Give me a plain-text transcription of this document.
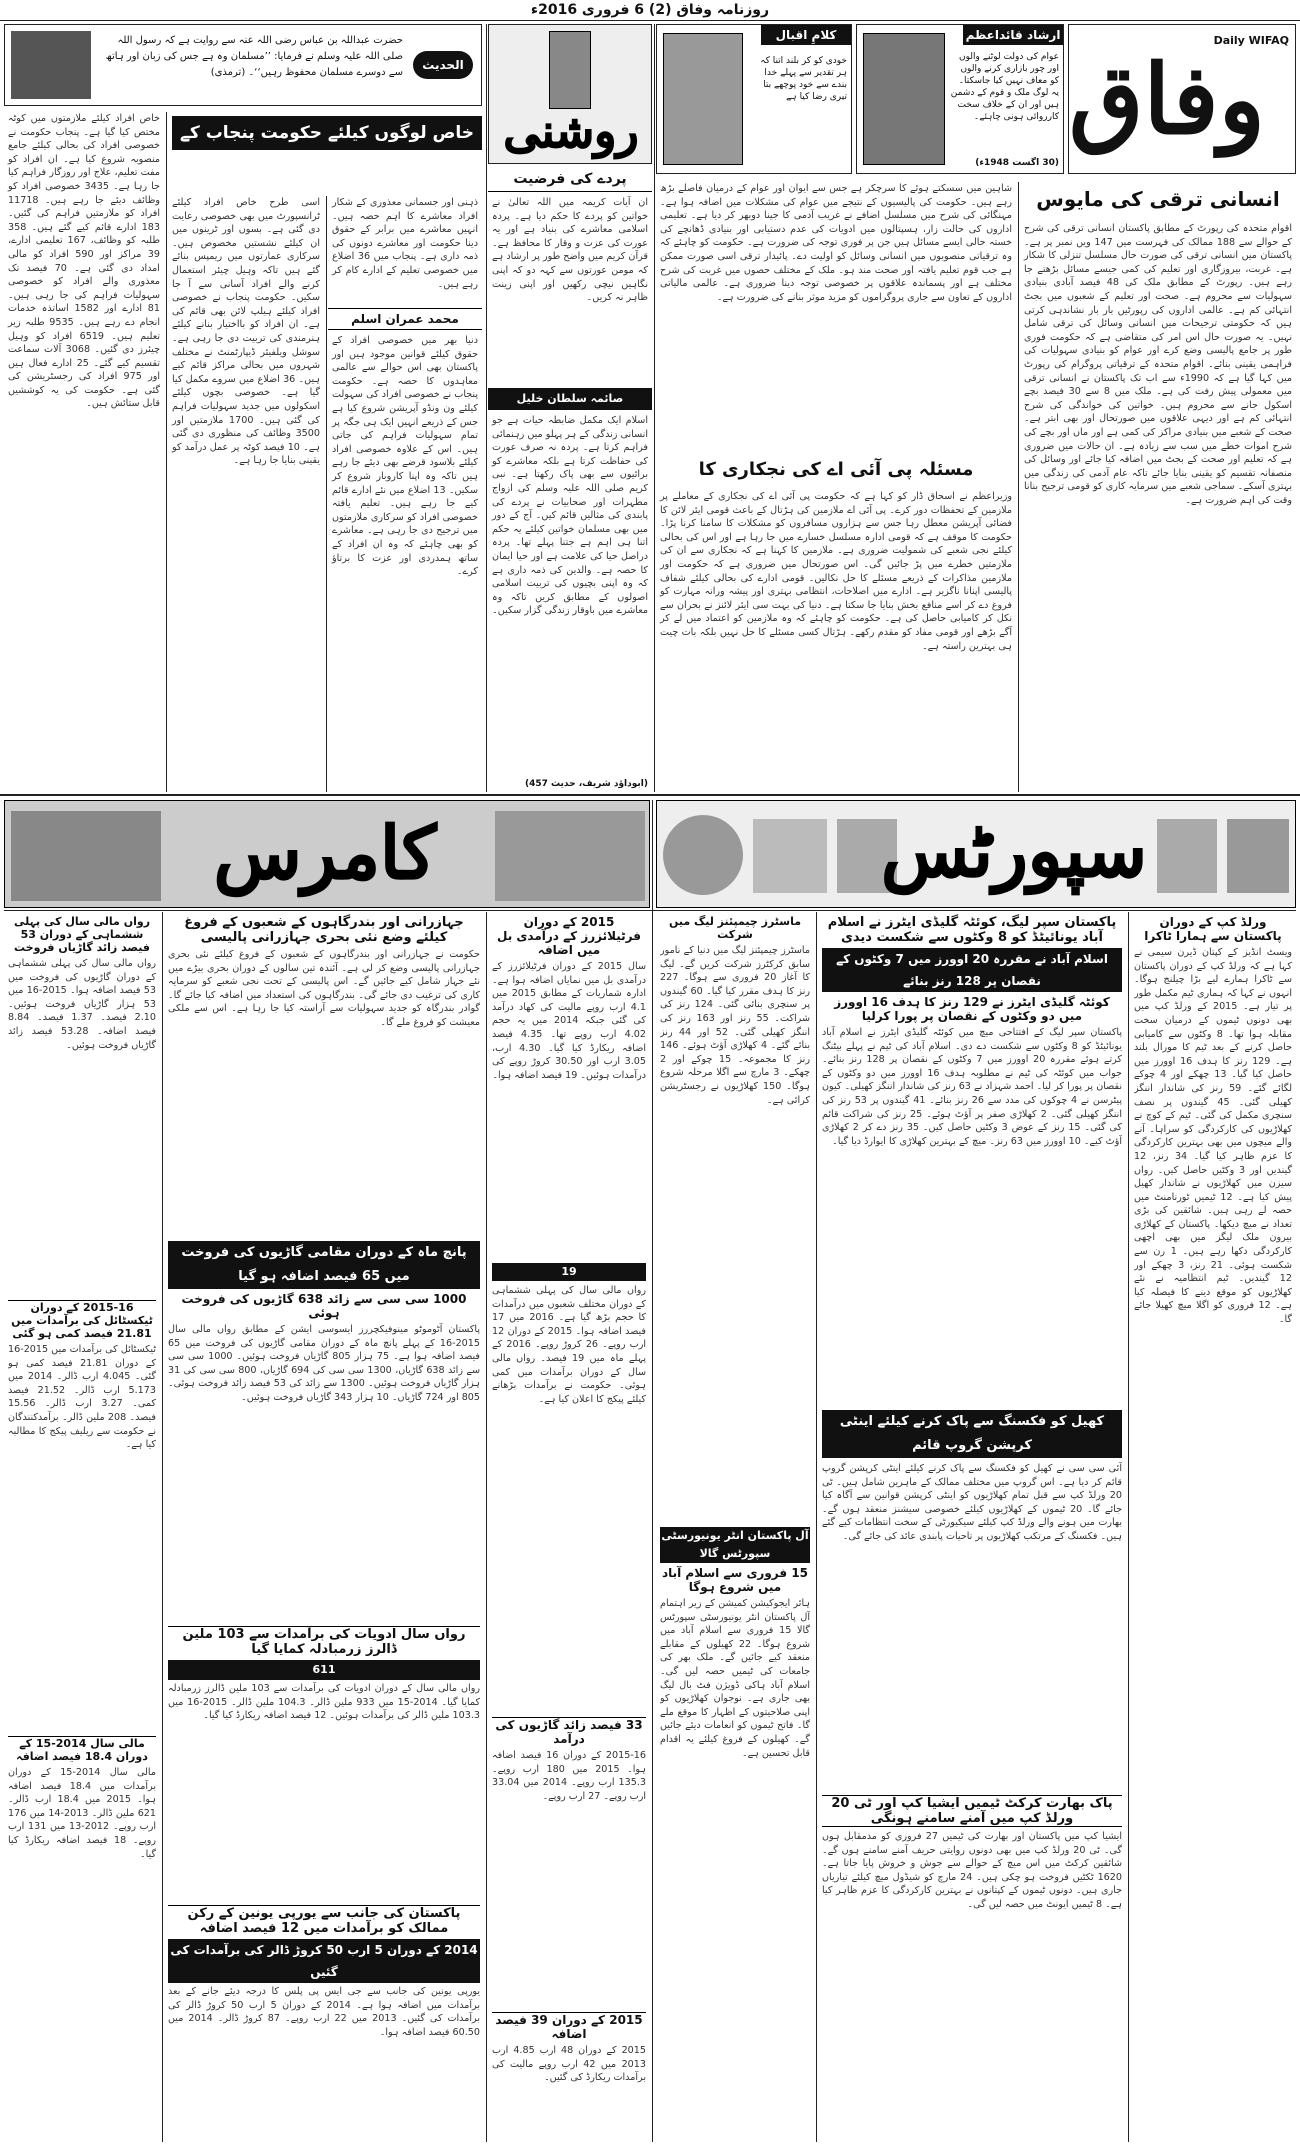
روزنامہ وفاق (2) 6 فروری 2016ء
وفاق
Daily WIFAQ
ارشاد قائداعظم
عوام کی دولت لوٹنے والوں اور چور بازاری کرنے والوں کو معاف نہیں کیا جاسکتا۔ یہ لوگ ملک و قوم کے دشمن ہیں اور ان کے خلاف سخت کارروائی ہونی چاہئے۔
(30 اگست 1948ء)
کلامِ اقبال
خودی کو کر بلند اتنا کہ ہر تقدیر سے پہلے خدا بندے سے خود پوچھے بتا تیری رضا کیا ہے
روشنی
الحدیث
حضرت عبداللہ بن عباس رضی اللہ عنہ سے روایت ہے کہ رسول اللہ صلی اللہ علیہ وسلم نے فرمایا: ’’مسلمان وہ ہے جس کی زبان اور ہاتھ سے دوسرے مسلمان محفوظ رہیں‘‘۔ (ترمذی)
انسانی ترقی کی مایوس
اقوام متحدہ کی رپورٹ کے مطابق پاکستان انسانی ترقی کی شرح کے حوالے سے 188 ممالک کی فہرست میں 147 ویں نمبر پر ہے۔ پاکستان میں انسانی ترقی کی صورت حال مسلسل تنزلی کا شکار ہے۔ غربت، بیروزگاری اور تعلیم کی کمی جیسے مسائل بڑھتے جا رہے ہیں۔ رپورٹ کے مطابق ملک کی 48 فیصد آبادی بنیادی سہولیات سے محروم ہے۔ صحت اور تعلیم کے شعبوں میں بجٹ انتہائی کم ہے۔ عالمی اداروں کی رپورٹیں بار بار نشاندہی کرتی ہیں کہ حکومتی ترجیحات میں انسانی وسائل کی ترقی شامل نہیں۔ یہ صورت حال اس امر کی متقاضی ہے کہ حکومت فوری طور پر جامع پالیسی وضع کرے اور عوام کو بنیادی سہولیات کی فراہمی یقینی بنائے۔ اقوام متحدہ کے ترقیاتی پروگرام کی رپورٹ میں کہا گیا ہے کہ 1990ء سے اب تک پاکستان نے انسانی ترقی میں معمولی پیش رفت کی ہے۔ ملک میں 8 سے 30 فیصد بچے اسکول جانے سے محروم ہیں۔ خواتین کی خواندگی کی شرح انتہائی کم ہے اور دیہی علاقوں میں صورتحال اور بھی ابتر ہے۔ صحت کے شعبے میں بنیادی مراکز کی کمی ہے اور ماں اور بچے کی شرح اموات خطے میں سب سے زیادہ ہے۔ ان حالات میں ضروری ہے کہ تعلیم اور صحت کے بجٹ میں اضافہ کیا جائے اور وسائل کی منصفانہ تقسیم کو یقینی بنایا جائے تاکہ عام آدمی کی زندگی میں بہتری آسکے۔ سماجی شعبے میں سرمایہ کاری کو قومی ترجیح بنانا وقت کی اہم ضرورت ہے۔
شاہین میں سسکتے ہوئے کا سرچکر ہے جس سے ایوان اور عوام کے درمیان فاصلے بڑھ رہے ہیں۔ حکومت کی پالیسیوں کے نتیجے میں عوام کی مشکلات میں اضافہ ہوا ہے۔ مہنگائی کی شرح میں مسلسل اضافے نے غریب آدمی کا جینا دوبھر کر دیا ہے۔ تعلیمی اداروں کی حالت زار، ہسپتالوں میں ادویات کی عدم دستیابی اور بنیادی ڈھانچے کی خستہ حالی ایسے مسائل ہیں جن پر فوری توجہ کی ضرورت ہے۔ حکومت کو چاہئے کہ وہ ترقیاتی منصوبوں میں انسانی وسائل کو اولیت دے۔ پائیدار ترقی اسی صورت ممکن ہے جب قوم تعلیم یافتہ اور صحت مند ہو۔ ملک کے مختلف حصوں میں غربت کی شرح مختلف ہے اور پسماندہ علاقوں پر خصوصی توجہ دینا ضروری ہے۔ عالمی مالیاتی اداروں کے تعاون سے جاری پروگراموں کو مزید موثر بنانے کی ضرورت ہے۔
مسئلہ پی آئی اے کی نجکاری کا
وزیراعظم نے اسحاق ڈار کو کہا ہے کہ حکومت پی آئی اے کی نجکاری کے معاملے پر ملازمین کے تحفظات دور کرے۔ پی آئی اے ملازمین کی ہڑتال کے باعث قومی ایئر لائن کا فضائی آپریشن معطل رہا جس سے ہزاروں مسافروں کو مشکلات کا سامنا کرنا پڑا۔ حکومت کا موقف ہے کہ قومی ادارہ مسلسل خسارے میں جا رہا ہے اور اس کی بحالی کیلئے نجی شعبے کی شمولیت ضروری ہے۔ ملازمین کا کہنا ہے کہ نجکاری سے ان کی ملازمتیں خطرے میں پڑ جائیں گی۔ اس صورتحال میں ضروری ہے کہ حکومت اور ملازمین مذاکرات کے ذریعے مسئلے کا حل نکالیں۔ قومی ادارے کی بحالی کیلئے شفاف پالیسی اپنانا ناگزیر ہے۔ ادارے میں اصلاحات، انتظامی بہتری اور پیشہ ورانہ مہارت کو فروغ دے کر اسے منافع بخش بنایا جا سکتا ہے۔ دنیا کی بہت سی ایئر لائنز نے بحران سے نکل کر کامیابی حاصل کی ہے۔ حکومت کو چاہئے کہ وہ ملازمین کو اعتماد میں لے کر آگے بڑھے اور قومی مفاد کو مقدم رکھے۔ ہڑتال کسی مسئلے کا حل نہیں بلکہ بات چیت ہی بہترین راستہ ہے۔
پردے کی فرضیت
ان آیات کریمہ میں اللہ تعالیٰ نے خواتین کو پردے کا حکم دیا ہے۔ پردہ اسلامی معاشرے کی بنیاد ہے اور یہ عورت کی عزت و وقار کا محافظ ہے۔ قرآن کریم میں واضح طور پر ارشاد ہے کہ مومن عورتوں سے کہہ دو کہ اپنی نگاہیں نیچی رکھیں اور اپنی زینت ظاہر نہ کریں۔
صائمہ سلطان خلیل
اسلام ایک مکمل ضابطہ حیات ہے جو انسانی زندگی کے ہر پہلو میں رہنمائی فراہم کرتا ہے۔ پردہ نہ صرف عورت کی حفاظت کرتا ہے بلکہ معاشرے کو برائیوں سے بھی پاک رکھتا ہے۔ نبی کریم صلی اللہ علیہ وسلم کی ازواج مطہرات اور صحابیات نے پردے کی پابندی کی مثالیں قائم کیں۔ آج کے دور میں بھی مسلمان خواتین کیلئے یہ حکم اتنا ہی اہم ہے جتنا پہلے تھا۔ پردہ دراصل حیا کی علامت ہے اور حیا ایمان کا حصہ ہے۔ والدین کی ذمہ داری ہے کہ وہ اپنی بچیوں کی تربیت اسلامی اصولوں کے مطابق کریں تاکہ وہ معاشرے میں باوقار زندگی گزار سکیں۔
(ابوداؤد شریف، حدیث 457)
خاص لوگوں کیلئے حکومت پنجاب کے خاص اقدامات
خاص افراد کیلئے ملازمتوں میں کوٹہ مختص کیا گیا ہے۔ پنجاب حکومت نے خصوصی افراد کی بحالی کیلئے جامع منصوبہ شروع کیا ہے۔ ان افراد کو مفت تعلیم، علاج اور روزگار فراہم کیا جا رہا ہے۔ 3435 خصوصی افراد کو وظائف دیئے جا رہے ہیں۔ 11718 افراد کو ملازمتیں فراہم کی گئیں۔ 183 ادارے قائم کیے گئے ہیں۔ 358 طلبہ کو وظائف، 167 تعلیمی ادارے، 39 مراکز اور 590 افراد کو مالی امداد دی گئی ہے۔ 70 فیصد تک معذوری والے افراد کو خصوصی سہولیات فراہم کی جا رہی ہیں۔ 81 ادارے اور 1582 اساتذہ خدمات انجام دے رہے ہیں۔ 9535 طلبہ زیر تعلیم ہیں۔ 6519 افراد کو وہیل چیئرز دی گئیں۔ 3068 آلات سماعت تقسیم کیے گئے۔ 25 ادارے فعال ہیں اور 975 افراد کی رجسٹریشن کی گئی ہے۔ حکومت کی یہ کوششیں قابل ستائش ہیں۔
اسی طرح خاص افراد کیلئے ٹرانسپورٹ میں بھی خصوصی رعایت دی گئی ہے۔ بسوں اور ٹرینوں میں ان کیلئے نشستیں مخصوص ہیں۔ سرکاری عمارتوں میں ریمپس بنائے گئے ہیں تاکہ وہیل چیئر استعمال کرنے والے افراد آسانی سے آ جا سکیں۔ حکومت پنجاب نے خصوصی افراد کیلئے ہیلپ لائن بھی قائم کی ہے۔ ان افراد کو بااختیار بنانے کیلئے ہنرمندی کی تربیت دی جا رہی ہے۔ سوشل ویلفیئر ڈیپارٹمنٹ نے مختلف شہروں میں بحالی مراکز قائم کیے ہیں۔ 36 اضلاع میں سروے مکمل کیا گیا ہے۔ خصوصی بچوں کیلئے اسکولوں میں جدید سہولیات فراہم کی گئی ہیں۔ 1700 ملازمتیں اور 3500 وظائف کی منظوری دی گئی ہے۔ 10 فیصد کوٹہ پر عمل درآمد کو یقینی بنایا جا رہا ہے۔
ذہنی اور جسمانی معذوری کے شکار افراد معاشرے کا اہم حصہ ہیں۔ انہیں معاشرے میں برابر کے حقوق دینا حکومت اور معاشرے دونوں کی ذمہ داری ہے۔ پنجاب میں 36 اضلاع میں خصوصی تعلیم کے ادارے کام کر رہے ہیں۔
محمد عمران اسلم
دنیا بھر میں خصوصی افراد کے حقوق کیلئے قوانین موجود ہیں اور پاکستان بھی اس حوالے سے عالمی معاہدوں کا حصہ ہے۔ حکومت پنجاب نے خصوصی افراد کی سہولت کیلئے ون ونڈو آپریشن شروع کیا ہے جس کے ذریعے انہیں ایک ہی جگہ پر تمام سہولیات فراہم کی جاتی ہیں۔ اس کے علاوہ خصوصی افراد کیلئے بلاسود قرضے بھی دیئے جا رہے ہیں تاکہ وہ اپنا کاروبار شروع کر سکیں۔ 13 اضلاع میں نئے ادارے قائم کیے جا رہے ہیں۔ تعلیم یافتہ خصوصی افراد کو سرکاری ملازمتوں میں ترجیح دی جا رہی ہے۔ معاشرے کو بھی چاہئے کہ وہ ان افراد کے ساتھ ہمدردی اور عزت کا برتاؤ کرے۔
سپورٹس
کامرس
ورلڈ کپ کے دوران پاکستان سے ہمارا ٹاکرا
ویسٹ انڈیز کے کپتان ڈیرن سیمی نے کہا ہے کہ ورلڈ کپ کے دوران پاکستان سے ٹاکرا ہمارے لیے بڑا چیلنج ہوگا۔ انہوں نے کہا کہ ہماری ٹیم مکمل طور پر تیار ہے۔ 2015 کے ورلڈ کپ میں بھی دونوں ٹیموں کے درمیان سخت مقابلہ ہوا تھا۔ 8 وکٹوں سے کامیابی حاصل کرنے کے بعد ٹیم کا مورال بلند ہے۔ 129 رنز کا ہدف 16 اوورز میں حاصل کیا گیا۔ 13 چھکے اور 4 چوکے لگائے گئے۔ 59 رنز کی شاندار اننگز کھیلی گئی۔ 45 گیندوں پر نصف سنچری مکمل کی گئی۔ ٹیم کے کوچ نے کھلاڑیوں کی کارکردگی کو سراہا۔ آنے والے میچوں میں بھی بہترین کارکردگی کا عزم ظاہر کیا گیا۔ 34 رنز، 12 گیندیں اور 3 وکٹیں حاصل کیں۔ رواں سیزن میں کھلاڑیوں نے شاندار کھیل پیش کیا ہے۔ 12 ٹیمیں ٹورنامنٹ میں حصہ لے رہی ہیں۔ شائقین کی بڑی تعداد نے میچ دیکھا۔ پاکستان کے کھلاڑی بیرون ملک لیگز میں بھی اچھی کارکردگی دکھا رہے ہیں۔ 1 رن سے شکست ہوئی۔ 21 رنز، 3 چھکے اور 12 گیندیں۔ ٹیم انتظامیہ نے نئے کھلاڑیوں کو موقع دینے کا فیصلہ کیا ہے۔ 12 فروری کو اگلا میچ کھیلا جائے گا۔
پاکستان سپر لیگ، کوئٹہ گلیڈی ایٹرز نے اسلام آباد یونائیٹڈ کو 8 وکٹوں سے شکست دیدی
اسلام آباد نے مقررہ 20 اوورز میں 7 وکٹوں کے نقصان پر 128 رنز بنائے
کوئٹہ گلیڈی ایٹرز نے 129 رنز کا ہدف 16 اوورز میں دو وکٹوں کے نقصان پر پورا کرلیا
پاکستان سپر لیگ کے افتتاحی میچ میں کوئٹہ گلیڈی ایٹرز نے اسلام آباد یونائیٹڈ کو 8 وکٹوں سے شکست دے دی۔ اسلام آباد کی ٹیم نے پہلے بیٹنگ کرتے ہوئے مقررہ 20 اوورز میں 7 وکٹوں کے نقصان پر 128 رنز بنائے۔ جواب میں کوئٹہ کی ٹیم نے مطلوبہ ہدف 16 اوورز میں دو وکٹوں کے نقصان پر پورا کر لیا۔ احمد شہزاد نے 63 رنز کی شاندار اننگز کھیلی۔ کیون پیٹرسن نے 4 چوکوں کی مدد سے 26 رنز بنائے۔ 41 گیندوں پر 53 رنز کی اننگز کھیلی گئی۔ 2 کھلاڑی صفر پر آؤٹ ہوئے۔ 25 رنز کی شراکت قائم کی گئی۔ 15 رنز کے عوض 3 وکٹیں حاصل کیں۔ 35 رنز دے کر 2 کھلاڑی آؤٹ کیے۔ 10 اوورز میں 63 رنز۔ میچ کے بہترین کھلاڑی کا ایوارڈ دیا گیا۔
کھیل کو فکسنگ سے پاک کرنے کیلئے اینٹی کرپشن گروپ قائم
آئی سی سی نے کھیل کو فکسنگ سے پاک کرنے کیلئے اینٹی کرپشن گروپ قائم کر دیا ہے۔ اس گروپ میں مختلف ممالک کے ماہرین شامل ہیں۔ ٹی 20 ورلڈ کپ سے قبل تمام کھلاڑیوں کو اینٹی کرپشن قوانین سے آگاہ کیا جائے گا۔ 20 ٹیموں کے کھلاڑیوں کیلئے خصوصی سیشنز منعقد ہوں گے۔ بھارت میں ہونے والے ورلڈ کپ کیلئے سیکیورٹی کے سخت انتظامات کیے گئے ہیں۔ فکسنگ کے مرتکب کھلاڑیوں پر تاحیات پابندی عائد کی جائے گی۔
پاک بھارت کرکٹ ٹیمیں ایشیا کپ اور ٹی 20 ورلڈ کپ میں آمنے سامنے ہونگی
ایشیا کپ میں پاکستان اور بھارت کی ٹیمیں 27 فروری کو مدمقابل ہوں گی۔ ٹی 20 ورلڈ کپ میں بھی دونوں روایتی حریف آمنے سامنے ہوں گے۔ شائقین کرکٹ میں اس میچ کے حوالے سے جوش و خروش پایا جاتا ہے۔ 1620 ٹکٹیں فروخت ہو چکی ہیں۔ 24 مارچ کو شیڈول میچ کیلئے تیاریاں جاری ہیں۔ دونوں ٹیموں کے کپتانوں نے بہترین کارکردگی کا عزم ظاہر کیا ہے۔ 8 ٹیمیں ایونٹ میں حصہ لیں گی۔
ماسٹرز چیمپئنز لیگ میں شرکت
ماسٹرز چیمپئنز لیگ میں دنیا کے نامور سابق کرکٹرز شرکت کریں گے۔ لیگ کا آغاز 20 فروری سے ہوگا۔ 227 رنز کا ہدف مقرر کیا گیا۔ 60 گیندوں پر سنچری بنائی گئی۔ 124 رنز کی شراکت۔ 55 رنز اور 163 رنز کی اننگز کھیلی گئی۔ 52 اور 44 رنز بنائے گئے۔ 4 کھلاڑی آؤٹ ہوئے۔ 146 رنز کا مجموعہ۔ 15 چوکے اور 2 چھکے۔ 3 مارچ سے اگلا مرحلہ شروع ہوگا۔ 150 کھلاڑیوں نے رجسٹریشن کرائی ہے۔
آل پاکستان انٹر یونیورسٹی سپورٹس گالا
15 فروری سے اسلام آباد میں شروع ہوگا
ہائر ایجوکیشن کمیشن کے زیر اہتمام آل پاکستان انٹر یونیورسٹی سپورٹس گالا 15 فروری سے اسلام آباد میں شروع ہوگا۔ 22 کھیلوں کے مقابلے منعقد کیے جائیں گے۔ ملک بھر کی جامعات کی ٹیمیں حصہ لیں گی۔ اسلام آباد ہاکی ڈویژن فٹ بال لیگ بھی جاری ہے۔ نوجوان کھلاڑیوں کو اپنی صلاحیتوں کے اظہار کا موقع ملے گا۔ فاتح ٹیموں کو انعامات دیئے جائیں گے۔ کھیلوں کے فروغ کیلئے یہ اقدام قابل تحسین ہے۔
2015 کے دوران فرٹیلائزرز کے درآمدی بل میں اضافہ
سال 2015 کے دوران فرٹیلائزرز کے درآمدی بل میں نمایاں اضافہ ہوا ہے۔ ادارہ شماریات کے مطابق 2015 میں 4.1 ارب روپے مالیت کی کھاد درآمد کی گئی جبکہ 2014 میں یہ حجم 4.02 ارب روپے تھا۔ 4.35 فیصد اضافہ ریکارڈ کیا گیا۔ 4.30 ارب، 3.05 ارب اور 30.50 کروڑ روپے کی درآمدات ہوئیں۔ 19 فیصد اضافہ ہوا۔
19
رواں مالی سال کی پہلی ششماہی کے دوران مختلف شعبوں میں درآمدات کا حجم بڑھ گیا ہے۔ 2016 میں 17 فیصد اضافہ ہوا۔ 2015 کے دوران 12 ارب روپے۔ 26 کروڑ روپے۔ 2016 کے پہلے ماہ میں 19 فیصد۔ رواں مالی سال کے دوران برآمدات میں کمی ہوئی۔ حکومت نے برآمدات بڑھانے کیلئے پیکج کا اعلان کیا ہے۔
33 فیصد زائد گاڑیوں کی درآمد
2015-16 کے دوران 16 فیصد اضافہ ہوا۔ 2015 میں 180 ارب روپے۔ 135.3 ارب روپے۔ 2014 میں 33.04 ارب روپے۔ 27 ارب روپے۔
2015 کے دوران 39 فیصد اضافہ
2015 کے دوران 48 ارب 4.85 ارب 2013 میں 42 ارب روپے مالیت کی برآمدات ریکارڈ کی گئیں۔
جہازرانی اور بندرگاہوں کے شعبوں کے فروغ کیلئے وضع نئی بحری جہازرانی پالیسی
حکومت نے جہازرانی اور بندرگاہوں کے شعبوں کے فروغ کیلئے نئی بحری جہازرانی پالیسی وضع کر لی ہے۔ آئندہ تین سالوں کے دوران بحری بیڑے میں نئے جہاز شامل کیے جائیں گے۔ اس پالیسی کے تحت نجی شعبے کو سرمایہ کاری کی ترغیب دی جائے گی۔ بندرگاہوں کی استعداد میں اضافہ کیا جائے گا۔ گوادر بندرگاہ کو جدید سہولیات سے آراستہ کیا جا رہا ہے۔ اس سے ملکی معیشت کو فروغ ملے گا۔
پانچ ماہ کے دوران مقامی گاڑیوں کی فروخت میں 65 فیصد اضافہ ہو گیا
1000 سی سی سے زائد 638 گاڑیوں کی فروخت ہوئی
پاکستان آٹوموٹو مینوفیکچررز ایسوسی ایشن کے مطابق رواں مالی سال 2015-16 کے پہلے پانچ ماہ کے دوران مقامی گاڑیوں کی فروخت میں 65 فیصد اضافہ ہوا ہے۔ 75 ہزار 805 گاڑیاں فروخت ہوئیں۔ 1000 سی سی سے زائد 638 گاڑیاں، 1300 سی سی کی 694 گاڑیاں، 800 سی سی کی 31 ہزار گاڑیاں فروخت ہوئیں۔ 1300 سے زائد کی 53 فیصد زائد فروخت ہوئی۔ 805 اور 724 گاڑیاں۔ 10 ہزار 343 گاڑیاں فروخت ہوئیں۔
رواں سال ادویات کی برآمدات سے 103 ملین ڈالرز زرمبادلہ کمایا گیا
611
رواں مالی سال کے دوران ادویات کی برآمدات سے 103 ملین ڈالرز زرمبادلہ کمایا گیا۔ 2014-15 میں 933 ملین ڈالر۔ 104.3 ملین ڈالر۔ 2015-16 میں 103.3 ملین ڈالر کی برآمدات ہوئیں۔ 12 فیصد اضافہ ریکارڈ کیا گیا۔
پاکستان کی جانب سے یورپی یونین کے رکن ممالک کو برآمدات میں 12 فیصد اضافہ
2014 کے دوران 5 ارب 50 کروڑ ڈالر کی برآمدات کی گئیں
یورپی یونین کی جانب سے جی ایس پی پلس کا درجہ دیئے جانے کے بعد برآمدات میں اضافہ ہوا ہے۔ 2014 کے دوران 5 ارب 50 کروڑ ڈالر کی برآمدات کی گئیں۔ 2013 میں 22 ارب روپے۔ 87 کروڑ ڈالر۔ 2014 میں 60.50 فیصد اضافہ ہوا۔
رواں مالی سال کی پہلی ششماہی کے دوران 53 فیصد زائد گاڑیاں فروخت
رواں مالی سال کی پہلی ششماہی کے دوران گاڑیوں کی فروخت میں 53 فیصد اضافہ ہوا۔ 2015-16 میں 53 ہزار گاڑیاں فروخت ہوئیں۔ 2.10 فیصد۔ 1.37 فیصد۔ 8.84 فیصد اضافہ۔ 53.28 فیصد زائد گاڑیاں فروخت ہوئیں۔
2015-16 کے دوران ٹیکسٹائل کی برآمدات میں 21.81 فیصد کمی ہو گئی
ٹیکسٹائل کی برآمدات میں 2015-16 کے دوران 21.81 فیصد کمی ہو گئی۔ 4.045 ارب ڈالر۔ 2014 میں 5.173 ارب ڈالر۔ 21.52 فیصد کمی۔ 3.27 ارب ڈالر۔ 15.56 فیصد۔ 208 ملین ڈالر۔ برآمدکنندگان نے حکومت سے ریلیف پیکج کا مطالبہ کیا ہے۔
مالی سال 2014-15 کے دوران 18.4 فیصد اضافہ
مالی سال 2014-15 کے دوران برآمدات میں 18.4 فیصد اضافہ ہوا۔ 2015 میں 18.4 ارب ڈالر۔ 621 ملین ڈالر۔ 2013-14 میں 176 ارب روپے۔ 2012-13 میں 131 ارب روپے۔ 18 فیصد اضافہ ریکارڈ کیا گیا۔
